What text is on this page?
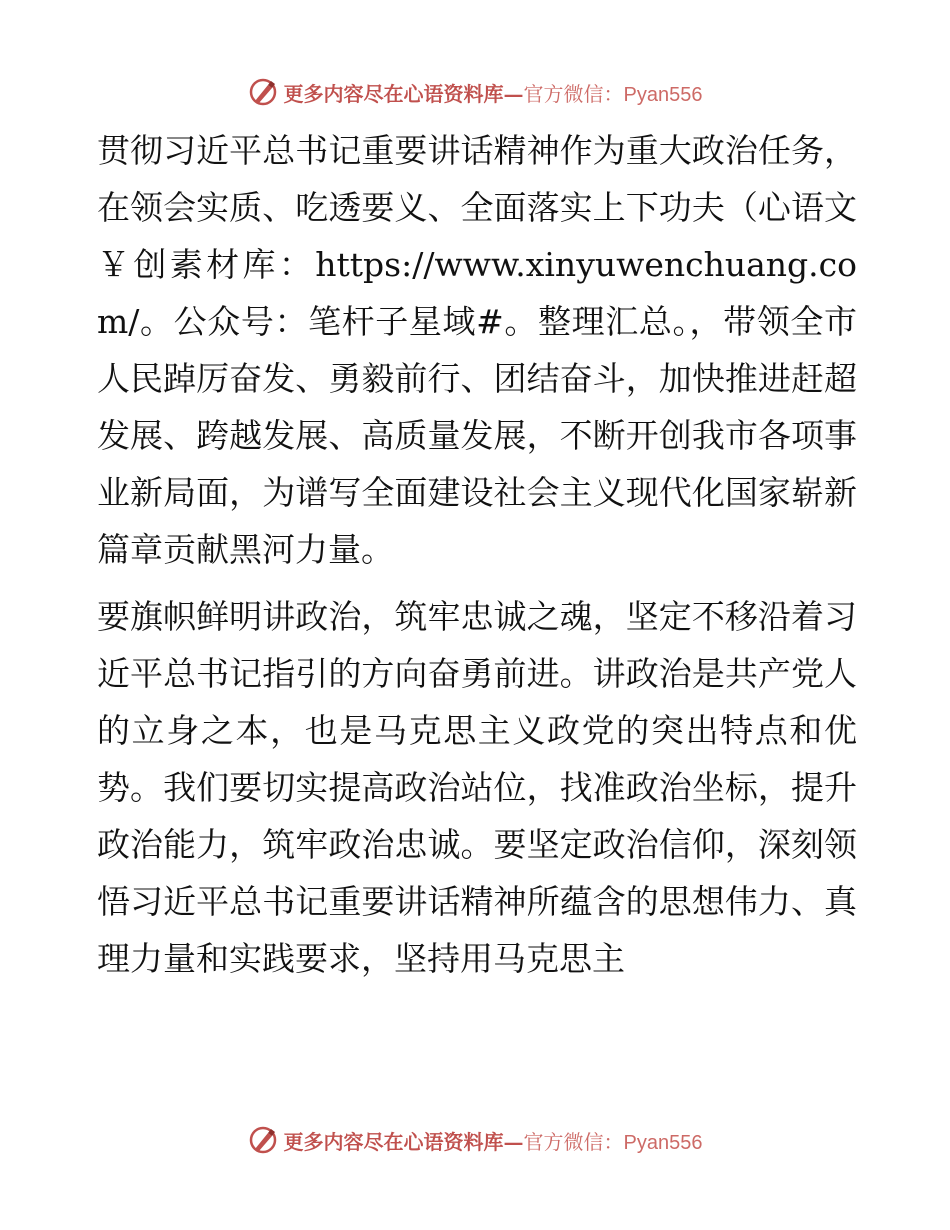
更多内容尽在心语资料库—官方微信：Pyan556

贯彻习近平总书记重要讲话精神作为重大政治任务，在领会实质、吃透要义、全面落实上下功夫（心语文￥创素材库：https://www.xinyuwenchuang.com/。公众号：笔杆子星域#。整理汇总。，带领全市人民踔厉奋发、勇毅前行、团结奋斗，加快推进赶超发展、跨越发展、高质量发展，不断开创我市各项事业新局面，为谱写全面建设社会主义现代化国家崭新篇章贡献黑河力量。

要旗帜鲜明讲政治，筑牢忠诚之魂，坚定不移沿着习近平总书记指引的方向奋勇前进。讲政治是共产党人的立身之本，也是马克思主义政党的突出特点和优势。我们要切实提高政治站位，找准政治坐标，提升政治能力，筑牢政治忠诚。要坚定政治信仰，深刻领悟习近平总书记重要讲话精神所蕴含的思想伟力、真理力量和实践要求，坚持用马克思主

更多内容尽在心语资料库—官方微信：Pyan556
